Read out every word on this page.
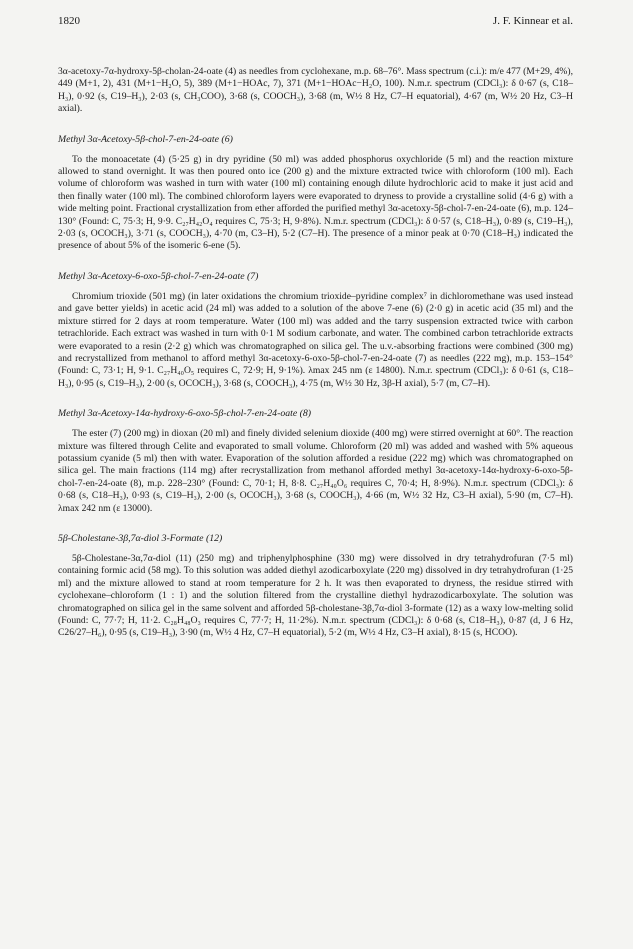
1820	J. F. Kinnear et al.

3α-acetoxy-7α-hydroxy-5β-cholan-24-oate (4) as needles from cyclohexane, m.p. 68–76°. Mass spectrum (c.i.): m/e 477 (M+29, 4%), 449 (M+1, 2), 431 (M+1−H₂O, 5), 389 (M+1−HOAc, 7), 371 (M+1−HOAc−H₂O, 100). N.m.r. spectrum (CDCl₃): δ 0·67 (s, C18–H₃), 0·92 (s, C19–H₃), 2·03 (s, CH₃COO), 3·68 (s, COOCH₃), 3·68 (m, W½ 8 Hz, C7–H equatorial), 4·67 (m, W½ 20 Hz, C3–H axial).

Methyl 3α-Acetoxy-5β-chol-7-en-24-oate (6)

To the monoacetate (4) (5·25 g) in dry pyridine (50 ml) was added phosphorus oxychloride (5 ml) and the reaction mixture allowed to stand overnight. It was then poured onto ice (200 g) and the mixture extracted twice with chloroform (100 ml). Each volume of chloroform was washed in turn with water (100 ml) containing enough dilute hydrochloric acid to make it just acid and then finally water (100 ml). The combined chloroform layers were evaporated to dryness to provide a crystalline solid (4·6 g) with a wide melting point. Fractional crystallization from ether afforded the purified methyl 3α-acetoxy-5β-chol-7-en-24-oate (6), m.p. 124–130° (Found: C, 75·3; H, 9·9. C₂₇H₄₂O₄ requires C, 75·3; H, 9·8%). N.m.r. spectrum (CDCl₃): δ 0·57 (s, C18–H₃), 0·89 (s, C19–H₃), 2·03 (s, OCOCH₃), 3·71 (s, COOCH₃), 4·70 (m, C3–H), 5·2 (C7–H). The presence of a minor peak at 0·70 (C18–H₃) indicated the presence of about 5% of the isomeric 6-ene (5).

Methyl 3α-Acetoxy-6-oxo-5β-chol-7-en-24-oate (7)

Chromium trioxide (501 mg) (in later oxidations the chromium trioxide–pyridine complex⁷ in dichloromethane was used instead and gave better yields) in acetic acid (24 ml) was added to a solution of the above 7-ene (6) (2·0 g) in acetic acid (35 ml) and the mixture stirred for 2 days at room temperature. Water (100 ml) was added and the tarry suspension extracted twice with carbon tetrachloride. Each extract was washed in turn with 0·1 M sodium carbonate, and water. The combined carbon tetrachloride extracts were evaporated to a resin (2·2 g) which was chromatographed on silica gel. The u.v.-absorbing fractions were combined (300 mg) and recrystallized from methanol to afford methyl 3α-acetoxy-6-oxo-5β-chol-7-en-24-oate (7) as needles (222 mg), m.p. 153–154° (Found: C, 73·1; H, 9·1. C₂₇H₄₀O₅ requires C, 72·9; H, 9·1%). λmax 245 nm (ε 14800). N.m.r. spectrum (CDCl₃): δ 0·61 (s, C18–H₃), 0·95 (s, C19–H₃), 2·00 (s, OCOCH₃), 3·68 (s, COOCH₃), 4·75 (m, W½ 30 Hz, 3β-H axial), 5·7 (m, C7–H).

Methyl 3α-Acetoxy-14α-hydroxy-6-oxo-5β-chol-7-en-24-oate (8)

The ester (7) (200 mg) in dioxan (20 ml) and finely divided selenium dioxide (400 mg) were stirred overnight at 60°. The reaction mixture was filtered through Celite and evaporated to small volume. Chloroform (20 ml) was added and washed with 5% aqueous potassium cyanide (5 ml) then with water. Evaporation of the solution afforded a residue (222 mg) which was chromatographed on silica gel. The main fractions (114 mg) after recrystallization from methanol afforded methyl 3α-acetoxy-14α-hydroxy-6-oxo-5β-chol-7-en-24-oate (8), m.p. 228–230° (Found: C, 70·1; H, 8·8. C₂₇H₄₀O₆ requires C, 70·4; H, 8·9%). N.m.r. spectrum (CDCl₃): δ 0·68 (s, C18–H₃), 0·93 (s, C19–H₃), 2·00 (s, OCOCH₃), 3·68 (s, COOCH₃), 4·66 (m, W½ 32 Hz, C3–H axial), 5·90 (m, C7–H). λmax 242 nm (ε 13000).

5β-Cholestane-3β,7α-diol 3-Formate (12)

5β-Cholestane-3α,7α-diol (11) (250 mg) and triphenylphosphine (330 mg) were dissolved in dry tetrahydrofuran (7·5 ml) containing formic acid (58 mg). To this solution was added diethyl azodicarboxylate (220 mg) dissolved in dry tetrahydrofuran (1·25 ml) and the mixture allowed to stand at room temperature for 2 h. It was then evaporated to dryness, the residue stirred with cyclohexane–chloroform (1 : 1) and the solution filtered from the crystalline diethyl hydrazodicarboxylate. The solution was chromatographed on silica gel in the same solvent and afforded 5β-cholestane-3β,7α-diol 3-formate (12) as a waxy low-melting solid (Found: C, 77·7; H, 11·2. C₂₈H₄₈O₃ requires C, 77·7; H, 11·2%). N.m.r. spectrum (CDCl₃): δ 0·68 (s, C18–H₃), 0·87 (d, J 6 Hz, C26/27–H₆), 0·95 (s, C19–H₃), 3·90 (m, W½ 4 Hz, C7–H equatorial), 5·2 (m, W½ 4 Hz, C3–H axial), 8·15 (s, HCOO).
